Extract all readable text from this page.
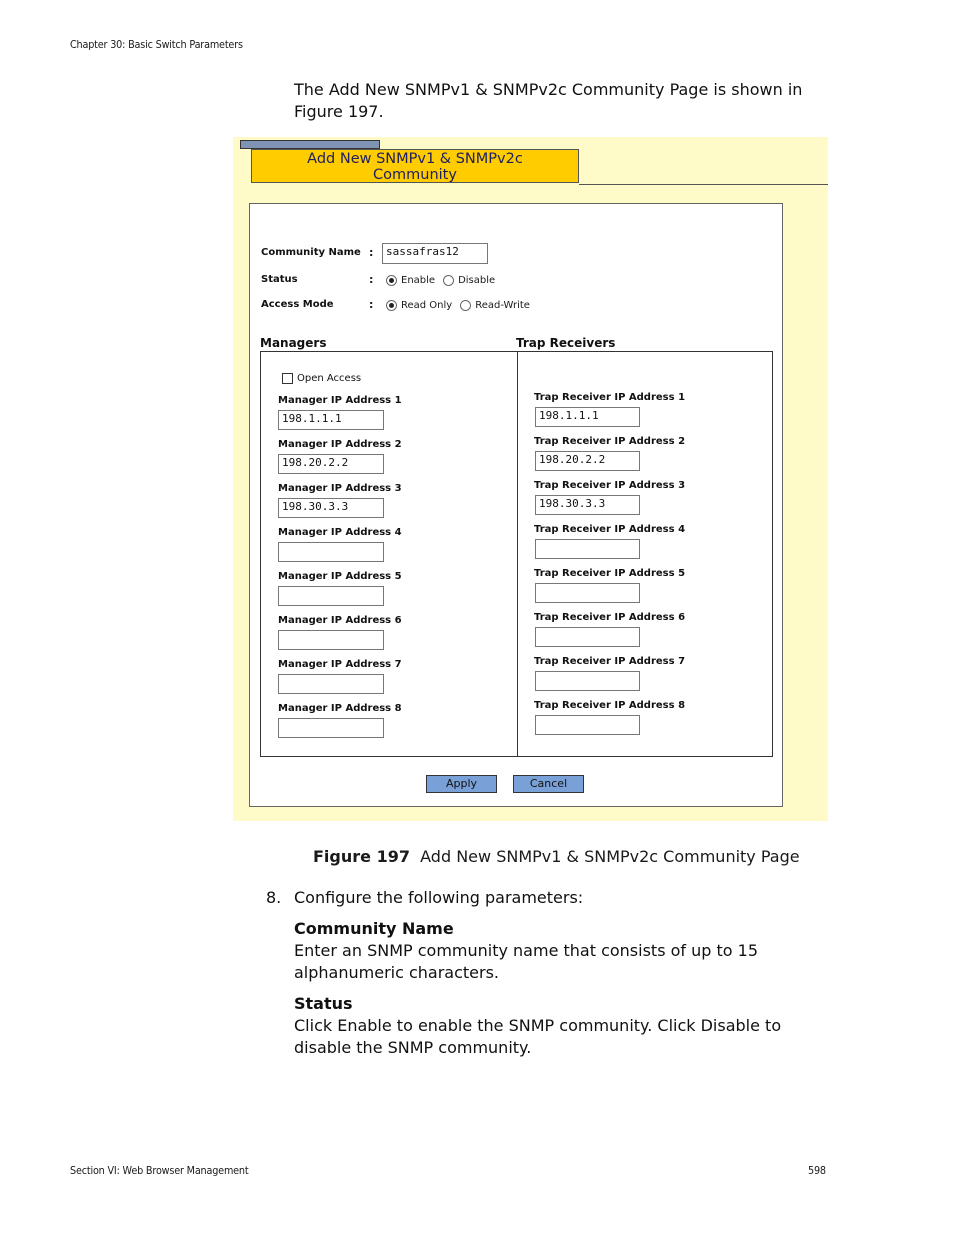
Chapter 30: Basic Switch Parameters
The Add New SNMPv1 & SNMPv2c Community Page is shown in Figure 197.
Add New SNMPv1 & SNMPv2c
Community
Community Name :	sassafras12
Status	:	Enable Disable
Access Mode	:	Read Only Read-Write
Managers	Trap Receivers
Open Access
Manager IP Address 1
198.1.1.1
Manager IP Address 2
198.20.2.2
Manager IP Address 3
198.30.3.3
Manager IP Address 4
Manager IP Address 5
Manager IP Address 6
Manager IP Address 7
Manager IP Address 8
Trap Receiver IP Address 1
198.1.1.1
Trap Receiver IP Address 2
198.20.2.2
Trap Receiver IP Address 3
198.30.3.3
Trap Receiver IP Address 4
Trap Receiver IP Address 5
Trap Receiver IP Address 6
Trap Receiver IP Address 7
Trap Receiver IP Address 8
Apply	Cancel
Figure 197 Add New SNMPv1 & SNMPv2c Community Page
8. Configure the following parameters:
Community Name
Enter an SNMP community name that consists of up to 15 alphanumeric characters.
Status
Click Enable to enable the SNMP community. Click Disable to disable the SNMP community.
Section VI: Web Browser Management	598
